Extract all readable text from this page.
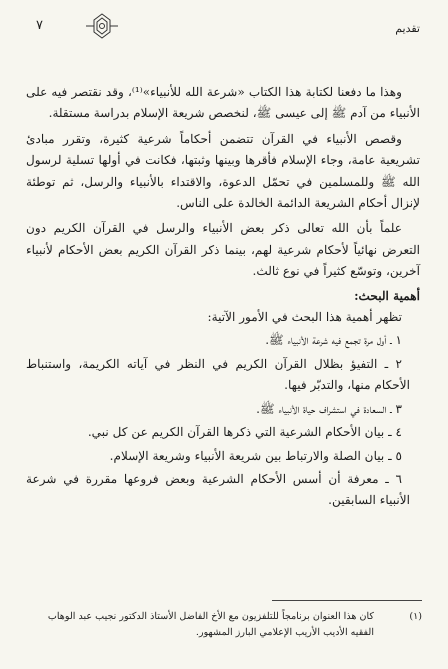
تقديم
٧

وهذا ما دفعنا لكتابة هذا الكتاب «شرعة الله للأنبياء»⁽¹⁾، وقد نقتصر فيه على الأنبياء من آدم ﷺ إلى عيسى ﷺ، لنخصص شريعة الإسلام بدراسة مستقلة.

وقصص الأنبياء في القرآن تتضمن أحكاماً شرعية كثيرة، وتقرر مبادئ تشريعية عامة، وجاء الإسلام فأقرها وبينها وثبتها، فكانت في أولها تسلية لرسول الله ﷺ وللمسلمين في تحمّل الدعوة، والاقتداء بالأنبياء والرسل، ثم توطئة لإنزال أحكام الشريعة الدائمة الخالدة على الناس.

علماً بأن الله تعالى ذكر بعض الأنبياء والرسل في القرآن الكريم دون التعرض نهائياً لأحكام شرعية لهم، بينما ذكر القرآن الكريم بعض الأحكام لأنبياء آخرين، وتوسّع كثيراً في نوع ثالث.

أهمية البحث:

تظهر أهمية هذا البحث في الأمور الآتية:

١ ـ أول مرة تجمع فيه شرعة الأنبياء ﷺ.

٢ ـ التفيؤ بظلال القرآن الكريم في النظر في آياته الكريمة، واستنباط الأحكام منها، والتدبّر فيها.

٣ ـ السعادة في استشراف حياة الأنبياء ﷺ.

٤ ـ بيان الأحكام الشرعية التي ذكرها القرآن الكريم عن كل نبي.

٥ ـ بيان الصلة والارتباط بين شريعة الأنبياء وشريعة الإسلام.

٦ ـ معرفة أن أسس الأحكام الشرعية وبعض فروعها مقررة في شرعة الأنبياء السابقين.

(١)
كان هذا العنوان برنامجاً للتلفزيون مع الأخ الفاضل الأستاذ الدكتور نجيب عبد الوهاب الفقيه الأديب الأريب الإعلامي البارز المشهور.
